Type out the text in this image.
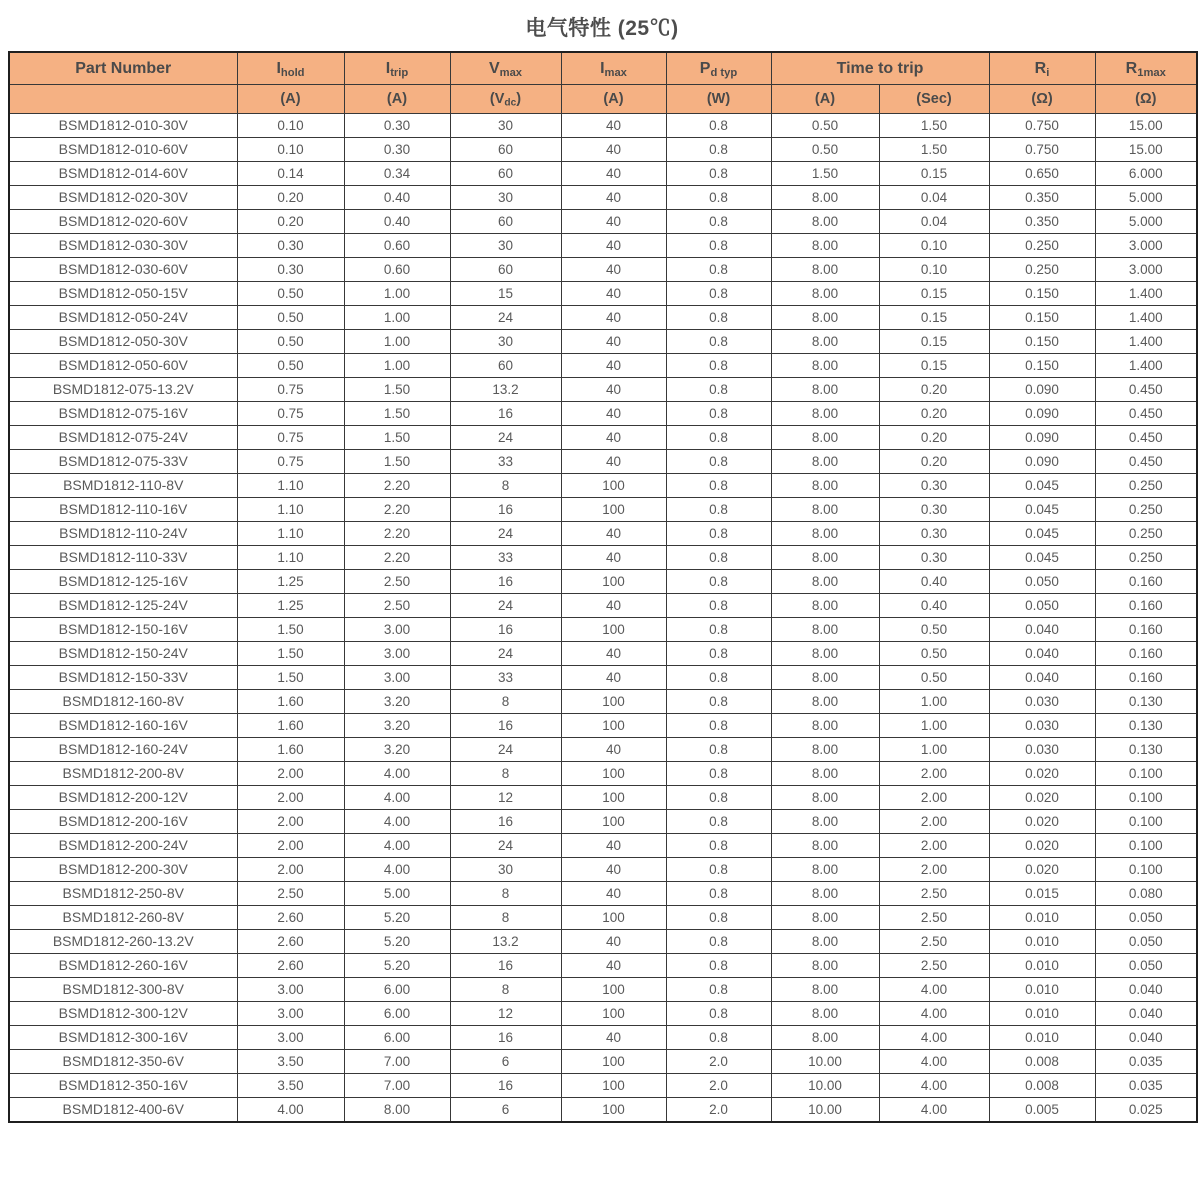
电气特性 (25℃)
Part Number	Ihold	Itrip	Vmax	Imax	Pd typ	Time to trip		Ri	R1max
	(A)	(A)	(Vdc)	(A)	(W)	(A)	(Sec)	(Ω)	(Ω)
BSMD1812-010-30V	0.10	0.30	30	40	0.8	0.50	1.50	0.750	15.00
BSMD1812-010-60V	0.10	0.30	60	40	0.8	0.50	1.50	0.750	15.00
BSMD1812-014-60V	0.14	0.34	60	40	0.8	1.50	0.15	0.650	6.000
BSMD1812-020-30V	0.20	0.40	30	40	0.8	8.00	0.04	0.350	5.000
BSMD1812-020-60V	0.20	0.40	60	40	0.8	8.00	0.04	0.350	5.000
BSMD1812-030-30V	0.30	0.60	30	40	0.8	8.00	0.10	0.250	3.000
BSMD1812-030-60V	0.30	0.60	60	40	0.8	8.00	0.10	0.250	3.000
BSMD1812-050-15V	0.50	1.00	15	40	0.8	8.00	0.15	0.150	1.400
BSMD1812-050-24V	0.50	1.00	24	40	0.8	8.00	0.15	0.150	1.400
BSMD1812-050-30V	0.50	1.00	30	40	0.8	8.00	0.15	0.150	1.400
BSMD1812-050-60V	0.50	1.00	60	40	0.8	8.00	0.15	0.150	1.400
BSMD1812-075-13.2V	0.75	1.50	13.2	40	0.8	8.00	0.20	0.090	0.450
BSMD1812-075-16V	0.75	1.50	16	40	0.8	8.00	0.20	0.090	0.450
BSMD1812-075-24V	0.75	1.50	24	40	0.8	8.00	0.20	0.090	0.450
BSMD1812-075-33V	0.75	1.50	33	40	0.8	8.00	0.20	0.090	0.450
BSMD1812-110-8V	1.10	2.20	8	100	0.8	8.00	0.30	0.045	0.250
BSMD1812-110-16V	1.10	2.20	16	100	0.8	8.00	0.30	0.045	0.250
BSMD1812-110-24V	1.10	2.20	24	40	0.8	8.00	0.30	0.045	0.250
BSMD1812-110-33V	1.10	2.20	33	40	0.8	8.00	0.30	0.045	0.250
BSMD1812-125-16V	1.25	2.50	16	100	0.8	8.00	0.40	0.050	0.160
BSMD1812-125-24V	1.25	2.50	24	40	0.8	8.00	0.40	0.050	0.160
BSMD1812-150-16V	1.50	3.00	16	100	0.8	8.00	0.50	0.040	0.160
BSMD1812-150-24V	1.50	3.00	24	40	0.8	8.00	0.50	0.040	0.160
BSMD1812-150-33V	1.50	3.00	33	40	0.8	8.00	0.50	0.040	0.160
BSMD1812-160-8V	1.60	3.20	8	100	0.8	8.00	1.00	0.030	0.130
BSMD1812-160-16V	1.60	3.20	16	100	0.8	8.00	1.00	0.030	0.130
BSMD1812-160-24V	1.60	3.20	24	40	0.8	8.00	1.00	0.030	0.130
BSMD1812-200-8V	2.00	4.00	8	100	0.8	8.00	2.00	0.020	0.100
BSMD1812-200-12V	2.00	4.00	12	100	0.8	8.00	2.00	0.020	0.100
BSMD1812-200-16V	2.00	4.00	16	100	0.8	8.00	2.00	0.020	0.100
BSMD1812-200-24V	2.00	4.00	24	40	0.8	8.00	2.00	0.020	0.100
BSMD1812-200-30V	2.00	4.00	30	40	0.8	8.00	2.00	0.020	0.100
BSMD1812-250-8V	2.50	5.00	8	40	0.8	8.00	2.50	0.015	0.080
BSMD1812-260-8V	2.60	5.20	8	100	0.8	8.00	2.50	0.010	0.050
BSMD1812-260-13.2V	2.60	5.20	13.2	40	0.8	8.00	2.50	0.010	0.050
BSMD1812-260-16V	2.60	5.20	16	40	0.8	8.00	2.50	0.010	0.050
BSMD1812-300-8V	3.00	6.00	8	100	0.8	8.00	4.00	0.010	0.040
BSMD1812-300-12V	3.00	6.00	12	100	0.8	8.00	4.00	0.010	0.040
BSMD1812-300-16V	3.00	6.00	16	40	0.8	8.00	4.00	0.010	0.040
BSMD1812-350-6V	3.50	7.00	6	100	2.0	10.00	4.00	0.008	0.035
BSMD1812-350-16V	3.50	7.00	16	100	2.0	10.00	4.00	0.008	0.035
BSMD1812-400-6V	4.00	8.00	6	100	2.0	10.00	4.00	0.005	0.025
